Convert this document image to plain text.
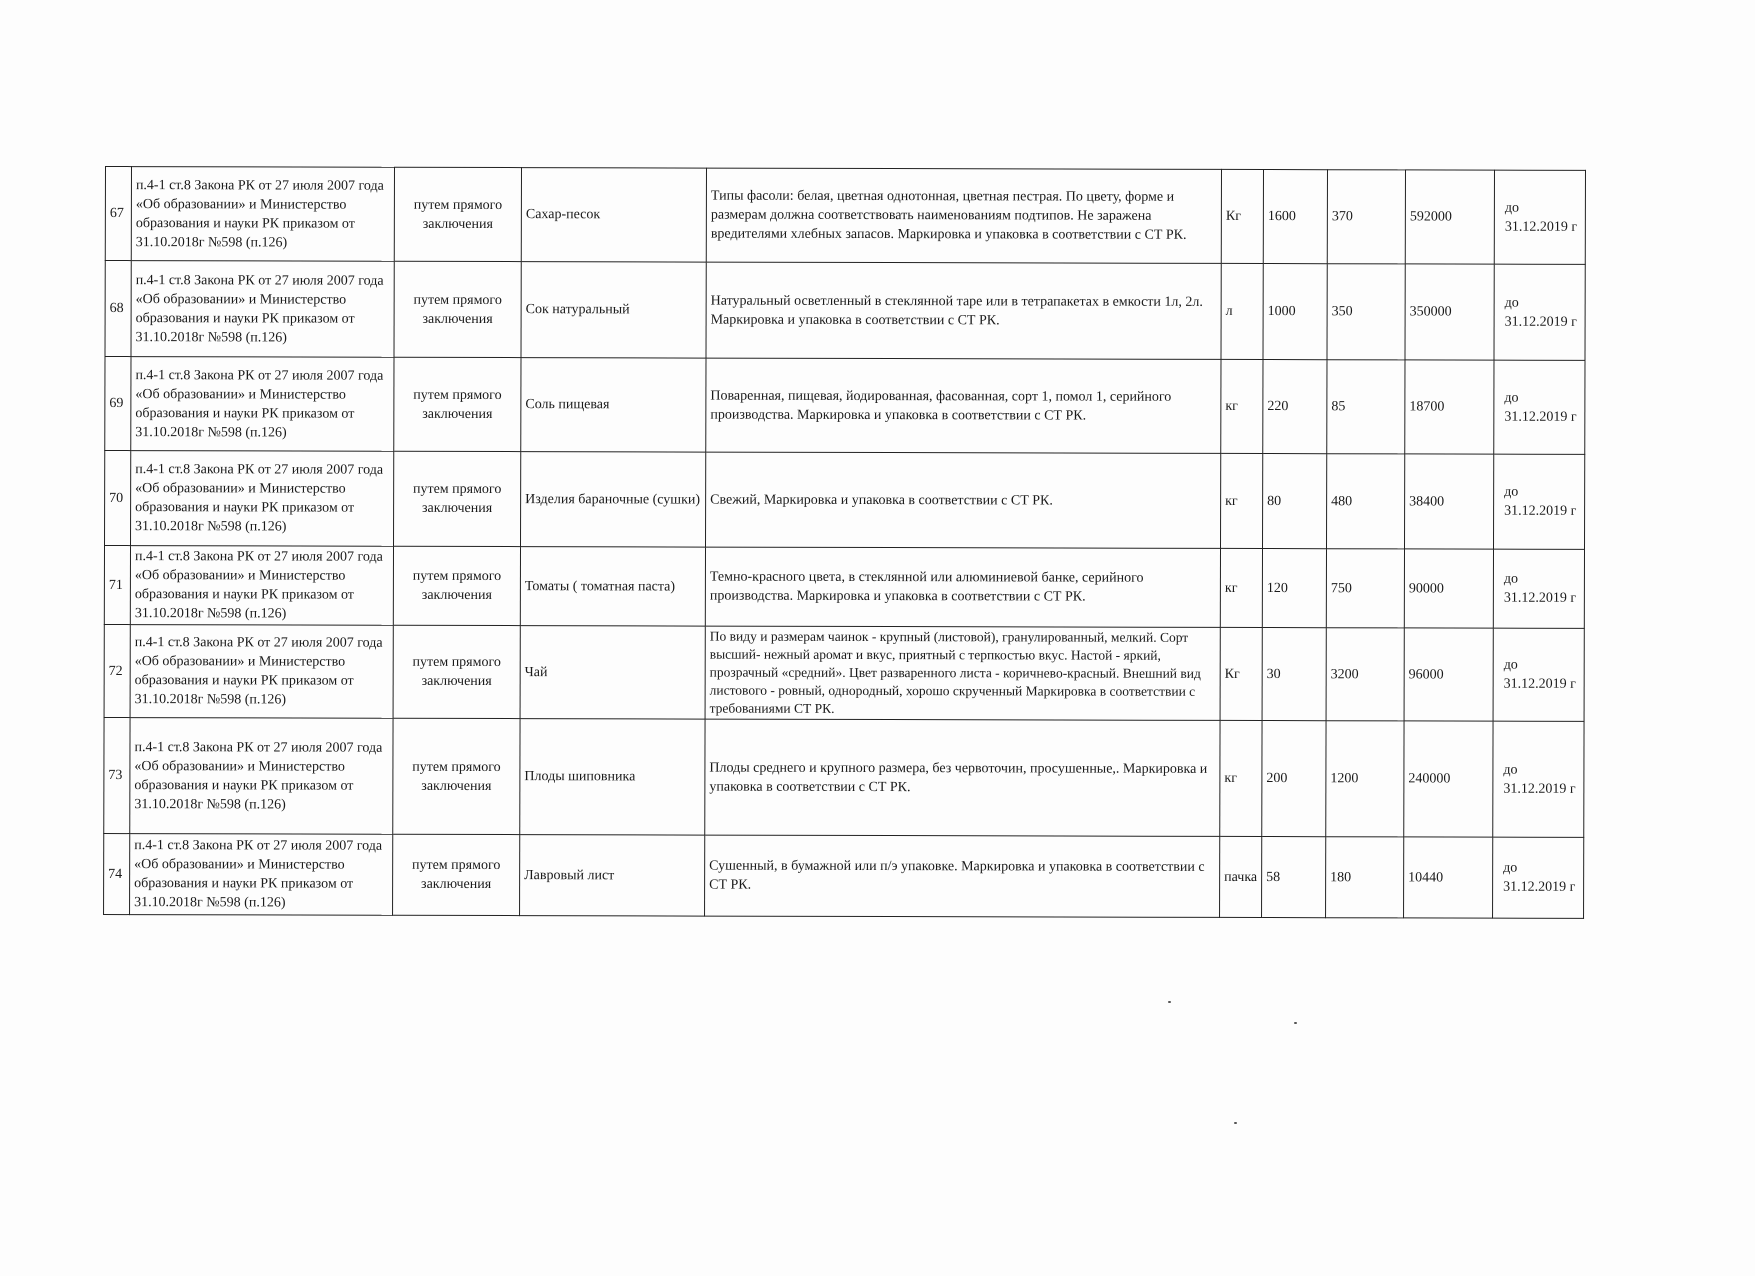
67	п.4-1 ст.8 Закона РК от 27 июля 2007 года «Об образовании» и Министерство образования и науки РК приказом от 31.10.2018г №598 (п.126)	путем прямого заключения	Сахар-песок	Типы фасоли: белая, цветная однотонная, цветная пестрая. По цвету, форме и размерам должна соответствовать наименованиям подтипов. Не заражена вредителями хлебных запасов. Маркировка и упаковка в соответствии с СТ РК.	Кг	1600	370	592000	до 31.12.2019 г

68	п.4-1 ст.8 Закона РК от 27 июля 2007 года «Об образовании» и Министерство образования и науки РК приказом от 31.10.2018г №598 (п.126)	путем прямого заключения	Сок натуральный	Натуральный осветленный в стеклянной таре или в тетрапакетах в емкости 1л, 2л. Маркировка и упаковка в соответствии с СТ РК.	л	1000	350	350000	до 31.12.2019 г

69	п.4-1 ст.8 Закона РК от 27 июля 2007 года «Об образовании» и Министерство образования и науки РК приказом от 31.10.2018г №598 (п.126)	путем прямого заключения	Соль пищевая	Поваренная, пищевая, йодированная, фасованная, сорт 1, помол 1, серийного производства. Маркировка и упаковка в соответствии с СТ РК.	кг	220	85	18700	до 31.12.2019 г

70	п.4-1 ст.8 Закона РК от 27 июля 2007 года «Об образовании» и Министерство образования и науки РК приказом от 31.10.2018г №598 (п.126)	путем прямого заключения	Изделия бараночные (сушки)	Свежий, Маркировка и упаковка в соответствии с СТ РК.	кг	80	480	38400	до 31.12.2019 г

71	п.4-1 ст.8 Закона РК от 27 июля 2007 года «Об образовании» и Министерство образования и науки РК приказом от 31.10.2018г №598 (п.126)	путем прямого заключения	Томаты ( томатная паста)	Темно-красного цвета, в стеклянной или алюминиевой банке, серийного производства. Маркировка и упаковка в соответствии с СТ РК.	кг	120	750	90000	до 31.12.2019 г

72	п.4-1 ст.8 Закона РК от 27 июля 2007 года «Об образовании» и Министерство образования и науки РК приказом от 31.10.2018г №598 (п.126)	путем прямого заключения	Чай	По виду и размерам чаинок - крупный (листовой), гранулированный, мелкий. Сорт высший- нежный аромат и вкус, приятный с терпкостью вкус. Настой - яркий, прозрачный «средний». Цвет разваренного листа - коричнево-красный. Внешний вид листового - ровный, однородный, хорошо скрученный Маркировка в соответствии с требованиями СТ РК.	Кг	30	3200	96000	до 31.12.2019 г

73	п.4-1 ст.8 Закона РК от 27 июля 2007 года «Об образовании» и Министерство образования и науки РК приказом от 31.10.2018г №598 (п.126)	путем прямого заключения	Плоды шиповника	Плоды среднего и крупного размера, без червоточин, просушенные,. Маркировка и упаковка в соответствии с СТ РК.	кг	200	1200	240000	до 31.12.2019 г

74	п.4-1 ст.8 Закона РК от 27 июля 2007 года «Об образовании» и Министерство образования и науки РК приказом от 31.10.2018г №598 (п.126)	путем прямого заключения	Лавровый лист	Сушенный, в бумажной или п/э упаковке. Маркировка и упаковка в соответствии с СТ РК.	пачка	58	180	10440	до 31.12.2019 г
